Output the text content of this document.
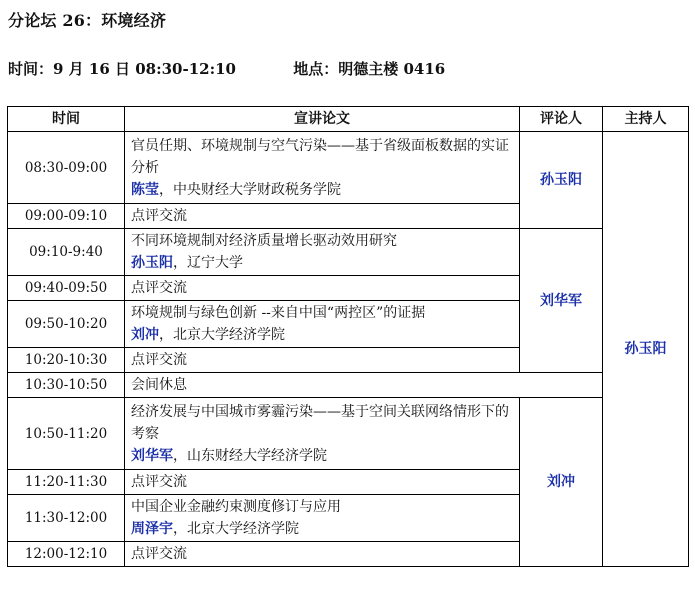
分论坛 26：环境经济
时间：9 月 16 日 08:30-12:10	地点：明德主楼 0416
时间	宣讲论文	评论人	主持人
08:30-09:00	官员任期、环境规制与空气污染——基于省级面板数据的实证分析
陈莹，中央财经大学财政税务学院	孙玉阳	孙玉阳
09:00-09:10	点评交流		
09:10-9:40	不同环境规制对经济质量增长驱动效用研究
孙玉阳，辽宁大学	刘华军	
09:40-09:50	点评交流		
09:50-10:20	环境规制与绿色创新 --来自中国“两控区”的证据
刘冲，北京大学经济学院		

10:20-10:30	点评交流		
10:30-10:50	会间休息		
10:50-11:20	经济发展与中国城市雾霾污染——基于空间关联网络情形下的考察
刘华军，山东财经大学经济学院	刘冲	
11:20-11:30	点评交流		
11:30-12:00	中国企业金融约束测度修订与应用
周泽宇，北京大学经济学院		

12:00-12:10	点评交流		
